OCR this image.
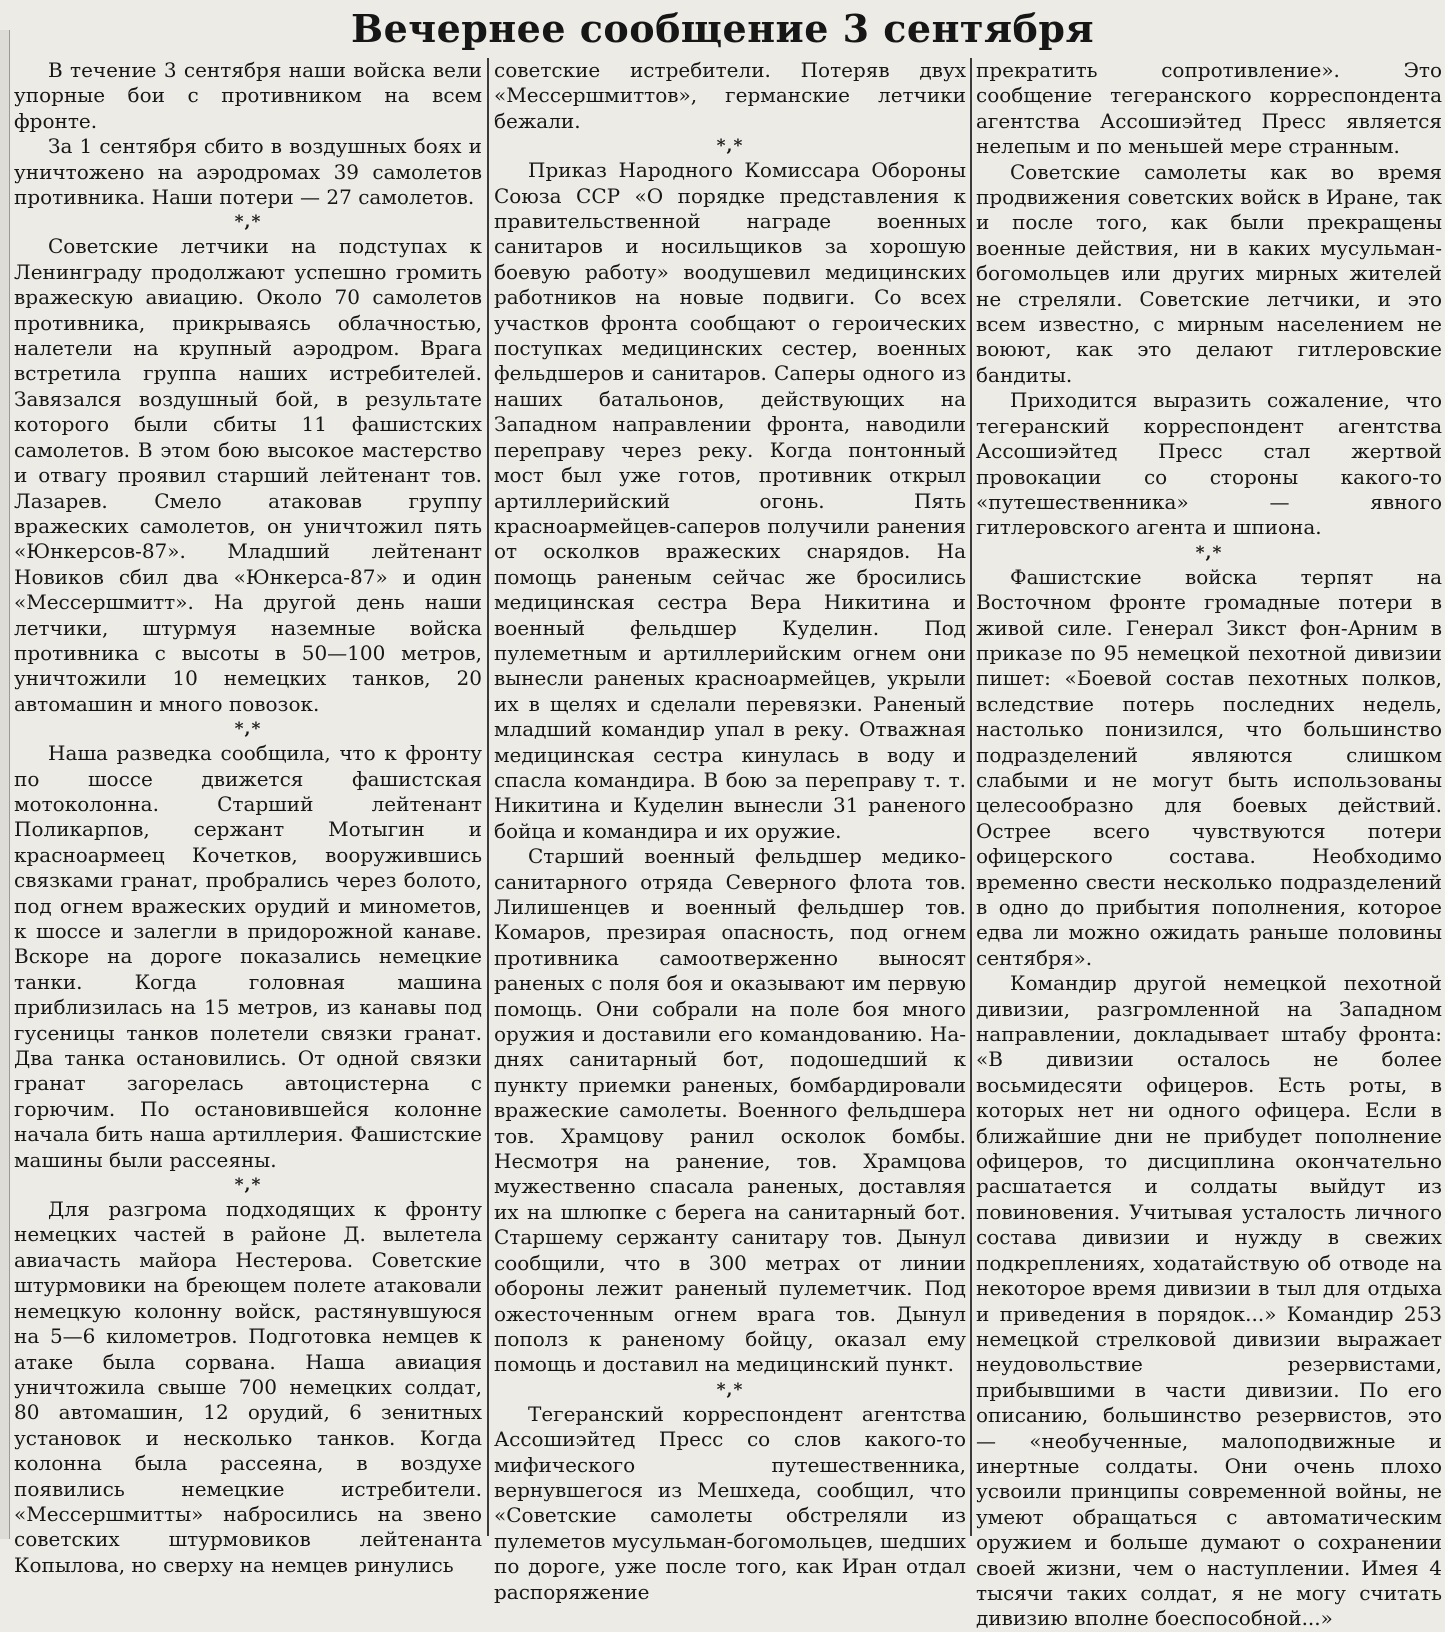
Вечернее сообщение 3 сентября

В течение 3 сентября наши войска вели упорные бои с противником на всем фронте.

За 1 сентября сбито в воздушных боях и уничтожено на аэродромах 39 самолетов противника. Наши потери — 27 самолетов.

*,*

Советские летчики на подступах к Ленинграду продолжают успешно громить вражескую авиацию. Около 70 самолетов противника, прикрываясь облачностью, налетели на крупный аэродром. Врага встретила группа наших истребителей. Завязался воздушный бой, в результате которого были сбиты 11 фашистских самолетов. В этом бою высокое мастерство и отвагу проявил старший лейтенант тов. Лазарев. Смело атаковав группу вражеских самолетов, он уничтожил пять «Юнкерсов-87». Младший лейтенант Новиков сбил два «Юнкерса-87» и один «Мессершмитт». На другой день наши летчики, штурмуя наземные войска противника с высоты в 50—100 метров, уничтожили 10 немецких танков, 20 автомашин и много повозок.

*,*

Наша разведка сообщила, что к фронту по шоссе движется фашистская мотоколонна. Старший лейтенант Поликарпов, сержант Мотыгин и красноармеец Кочетков, вооружившись связками гранат, пробрались через болото, под огнем вражеских орудий и минометов, к шоссе и залегли в придорожной канаве. Вскоре на дороге показались немецкие танки. Когда головная машина приблизилась на 15 метров, из канавы под гусеницы танков полетели связки гранат. Два танка остановились. От одной связки гранат загорелась автоцистерна с горючим. По остановившейся колонне начала бить наша артиллерия. Фашистские машины были рассеяны.

*,*

Для разгрома подходящих к фронту немецких частей в районе Д. вылетела авиачасть майора Нестерова. Советские штурмовики на бреющем полете атаковали немецкую колонну войск, растянувшуюся на 5—6 километров. Подготовка немцев к атаке была сорвана. Наша авиация уничтожила свыше 700 немецких солдат, 80 автомашин, 12 орудий, 6 зенитных установок и несколько танков. Когда колонна была рассеяна, в воздухе появились немецкие истребители. «Мессершмитты» набросились на звено советских штурмовиков лейтенанта Копылова, но сверху на немцев ринулись

советские истребители. Потеряв двух «Мессершмиттов», германские летчики бежали.

*,*

Приказ Народного Комиссара Обороны Союза ССР «О порядке представления к правительственной награде военных санитаров и носильщиков за хорошую боевую работу» воодушевил медицинских работников на новые подвиги. Со всех участков фронта сообщают о героических поступках медицинских сестер, военных фельдшеров и санитаров. Саперы одного из наших батальонов, действующих на Западном направлении фронта, наводили переправу через реку. Когда понтонный мост был уже готов, противник открыл артиллерийский огонь. Пять красноармейцев-саперов получили ранения от осколков вражеских снарядов. На помощь раненым сейчас же бросились медицинская сестра Вера Никитина и военный фельдшер Куделин. Под пулеметным и артиллерийским огнем они вынесли раненых красноармейцев, укрыли их в щелях и сделали перевязки. Раненый младший командир упал в реку. Отважная медицинская сестра кинулась в воду и спасла командира. В бою за переправу т. т. Никитина и Куделин вынесли 31 раненого бойца и командира и их оружие.

Старший военный фельдшер медико-санитарного отряда Северного флота тов. Лилишенцев и военный фельдшер тов. Комаров, презирая опасность, под огнем противника самоотверженно выносят раненых с поля боя и оказывают им первую помощь. Они собрали на поле боя много оружия и доставили его командованию. На-днях санитарный бот, подошедший к пункту приемки раненых, бомбардировали вражеские самолеты. Военного фельдшера тов. Храмцову ранил осколок бомбы. Несмотря на ранение, тов. Храмцова мужественно спасала раненых, доставляя их на шлюпке с берега на санитарный бот. Старшему сержанту санитару тов. Дынул сообщили, что в 300 метрах от линии обороны лежит раненый пулеметчик. Под ожесточенным огнем врага тов. Дынул пополз к раненому бойцу, оказал ему помощь и доставил на медицинский пункт.

*,*

Тегеранский корреспондент агентства Ассошиэйтед Пресс со слов какого-то мифического путешественника, вернувшегося из Мешхеда, сообщил, что «Советские самолеты обстреляли из пулеметов мусульман-богомольцев, шедших по дороге, уже после того, как Иран отдал распоряжение

прекратить сопротивление». Это сообщение тегеранского корреспондента агентства Ассошиэйтед Пресс является нелепым и по меньшей мере странным.

Советские самолеты как во время продвижения советских войск в Иране, так и после того, как были прекращены военные действия, ни в каких мусульман-богомольцев или других мирных жителей не стреляли. Советские летчики, и это всем известно, с мирным населением не воюют, как это делают гитлеровские бандиты.

Приходится выразить сожаление, что тегеранский корреспондент агентства Ассошиэйтед Пресс стал жертвой провокации со стороны какого-то «путешественника» — явного гитлеровского агента и шпиона.

*,*

Фашистские войска терпят на Восточном фронте громадные потери в живой силе. Генерал Зикст фон-Арним в приказе по 95 немецкой пехотной дивизии пишет: «Боевой состав пехотных полков, вследствие потерь последних недель, настолько понизился, что большинство подразделений являются слишком слабыми и не могут быть использованы целесообразно для боевых действий. Острее всего чувствуются потери офицерского состава. Необходимо временно свести несколько подразделений в одно до прибытия пополнения, которое едва ли можно ожидать раньше половины сентября».

Командир другой немецкой пехотной дивизии, разгромленной на Западном направлении, докладывает штабу фронта: «В дивизии осталось не более восьмидесяти офицеров. Есть роты, в которых нет ни одного офицера. Если в ближайшие дни не прибудет пополнение офицеров, то дисциплина окончательно расшатается и солдаты выйдут из повиновения. Учитывая усталость личного состава дивизии и нужду в свежих подкреплениях, ходатайствую об отводе на некоторое время дивизии в тыл для отдыха и приведения в порядок...» Командир 253 немецкой стрелковой дивизии выражает неудовольствие резервистами, прибывшими в части дивизии. По его описанию, большинство резервистов, это — «необученные, малоподвижные и инертные солдаты. Они очень плохо усвоили принципы современной войны, не умеют обращаться с автоматическим оружием и больше думают о сохранении своей жизни, чем о наступлении. Имея 4 тысячи таких солдат, я не могу считать дивизию вполне боеспособной...»
